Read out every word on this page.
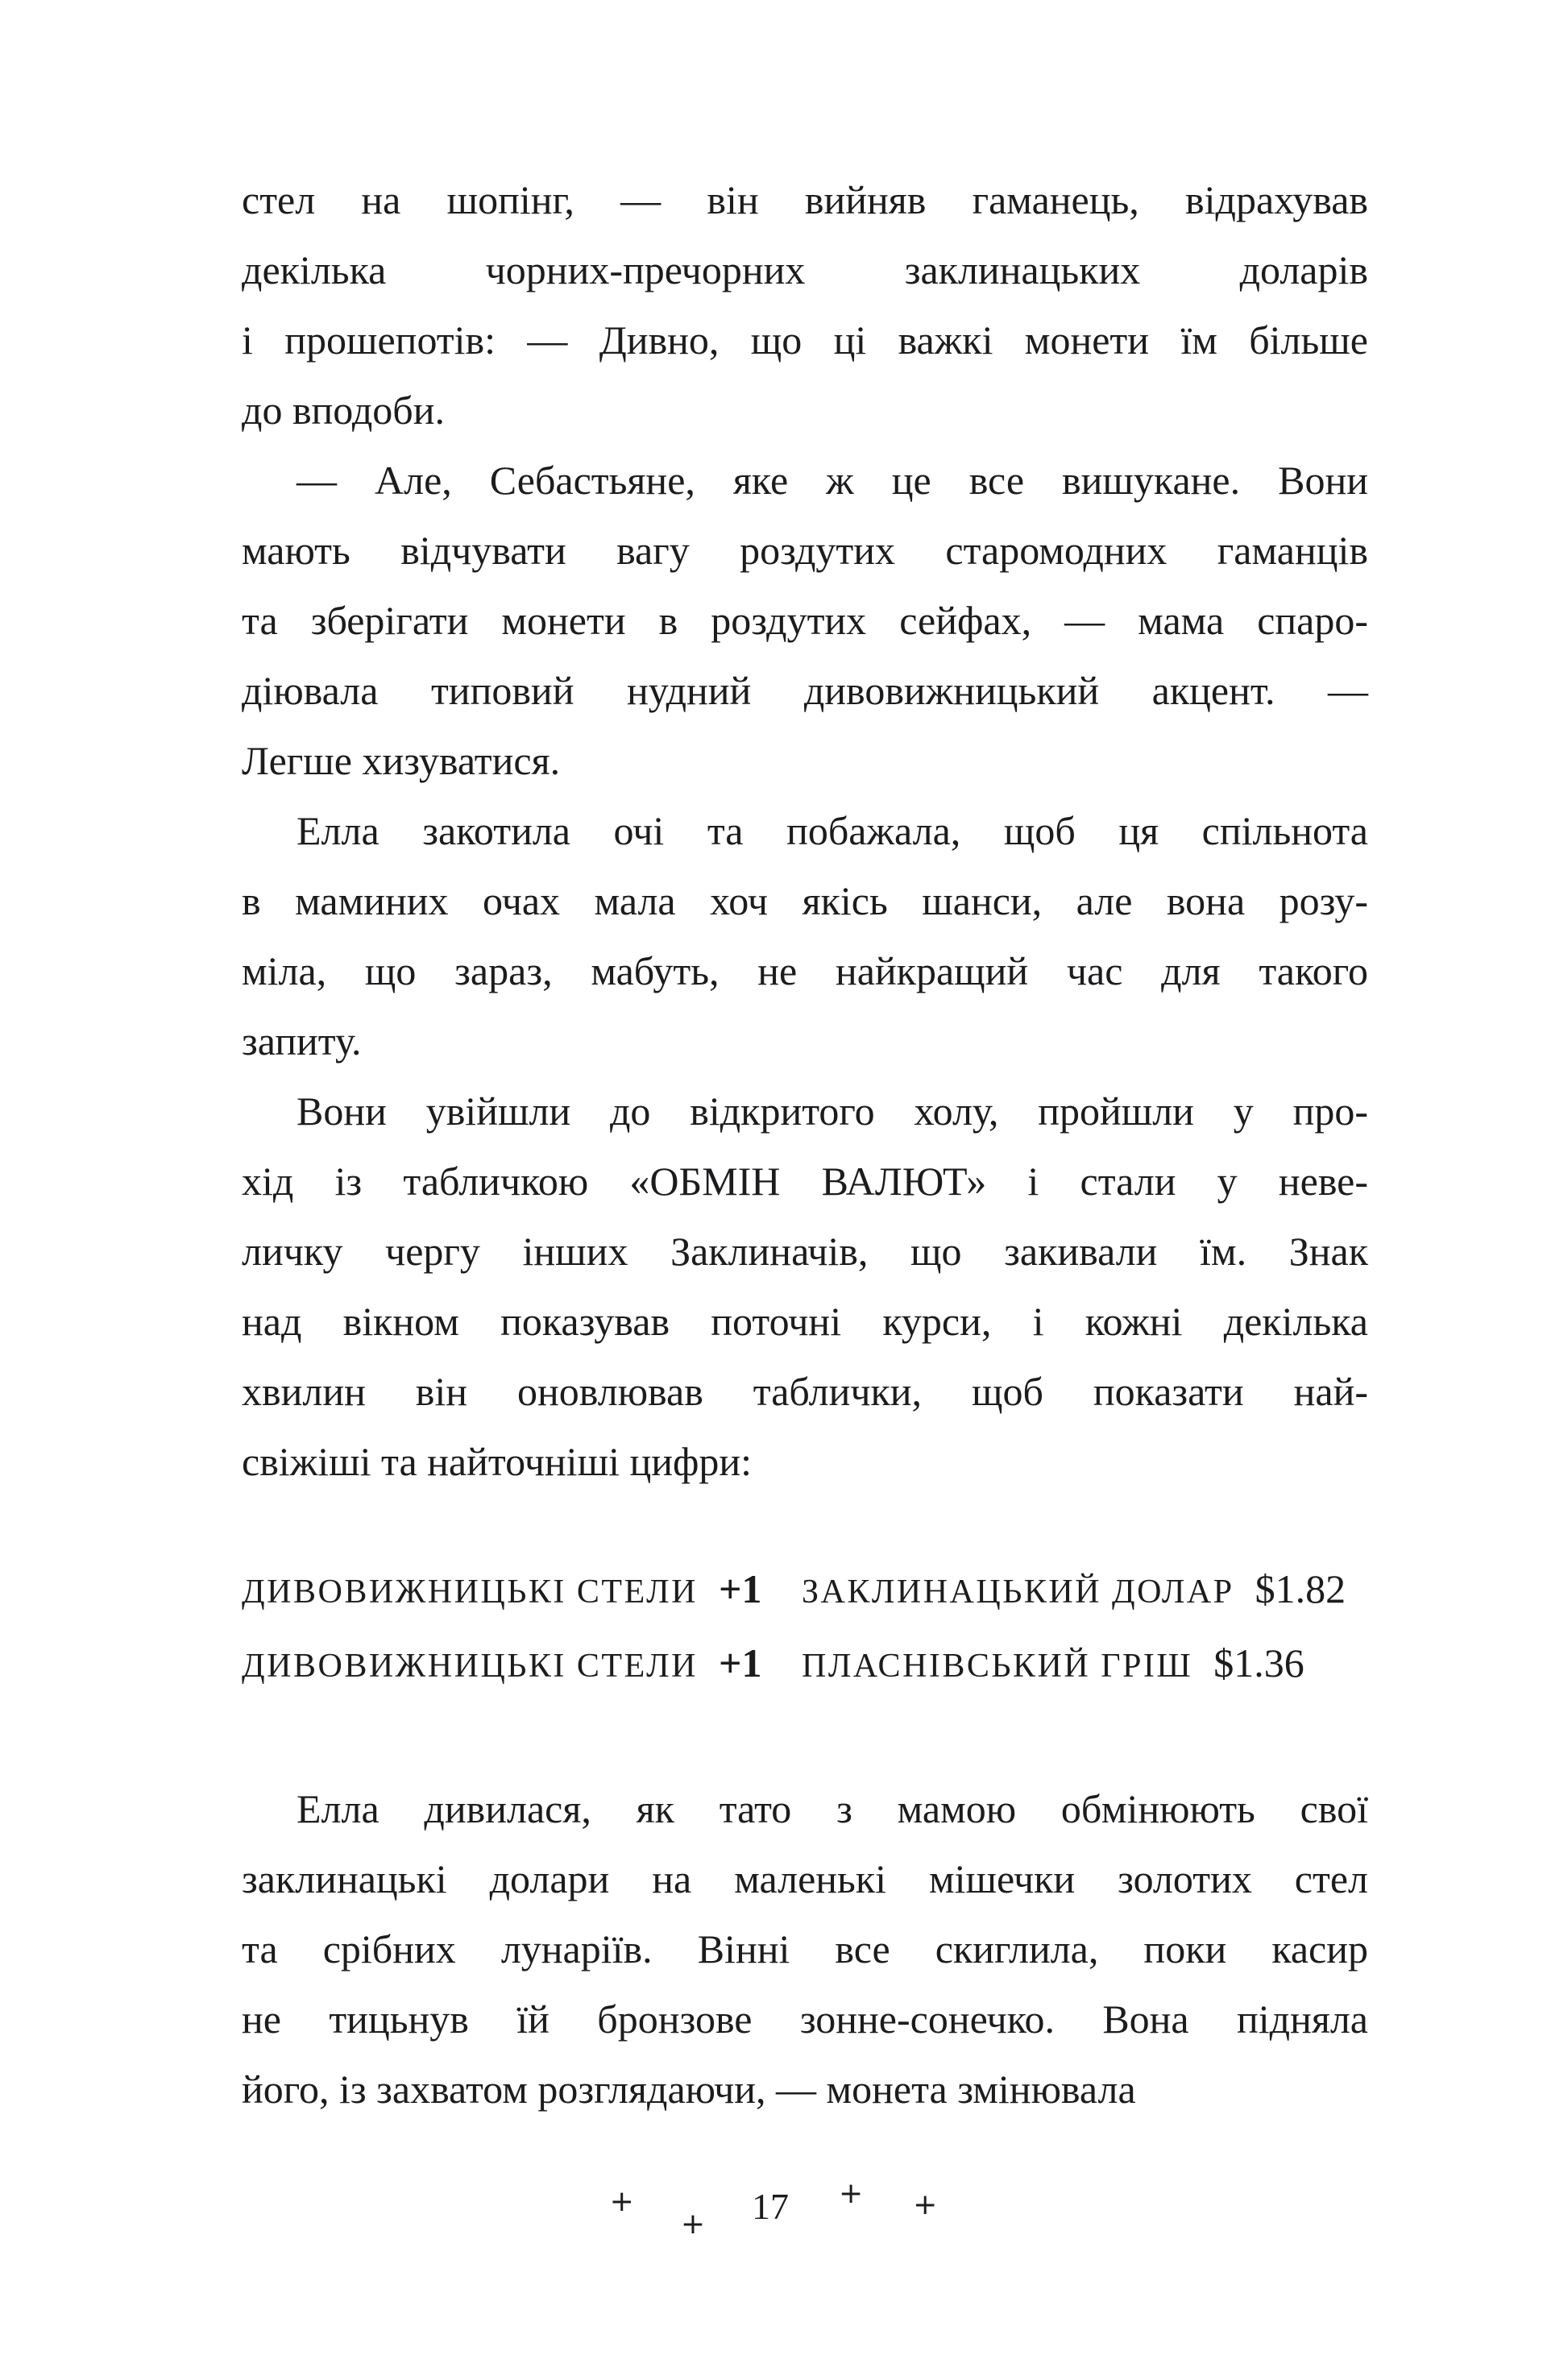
стел на шопінг, — він вийняв гаманець, відрахував
декілька чорних-пречорних заклинацьких доларів
і прошепотів: — Дивно, що ці важкі монети їм більше
до вподоби.
— Але, Себастьяне, яке ж це все вишукане. Вони
мають відчувати вагу роздутих старомодних гаманців
та зберігати монети в роздутих сейфах, — мама спаро-
діювала типовий нудний дивовижницький акцент. —
Легше хизуватися.
Елла закотила очі та побажала, щоб ця спільнота
в маминих очах мала хоч якісь шанси, але вона розу-
міла, що зараз, мабуть, не найкращий час для такого
запиту.
Вони увійшли до відкритого холу, пройшли у про-
хід із табличкою «ОБМІН ВАЛЮТ» і стали у неве-
личку чергу інших Заклиначів, що закивали їм. Знак
над вікном показував поточні курси, і кожні декілька
хвилин він оновлював таблички, щоб показати най-
свіжіші та найточніші цифри:
ДИВОВИЖНИЦЬКІ СТЕЛИ +1 ЗАКЛИНАЦЬКИЙ ДОЛАР $1.82
ДИВОВИЖНИЦЬКІ СТЕЛИ +1 ПЛАСНІВСЬКИЙ ГРІШ $1.36
Елла дивилася, як тато з мамою обмінюють свої
заклинацькі долари на маленькі мішечки золотих стел
та срібних лунаріїв. Вінні все скиглила, поки касир
не тицьнув їй бронзове зонне-сонечко. Вона підняла
його, із захватом розглядаючи, — монета змінювала
+
+ 17 + +
